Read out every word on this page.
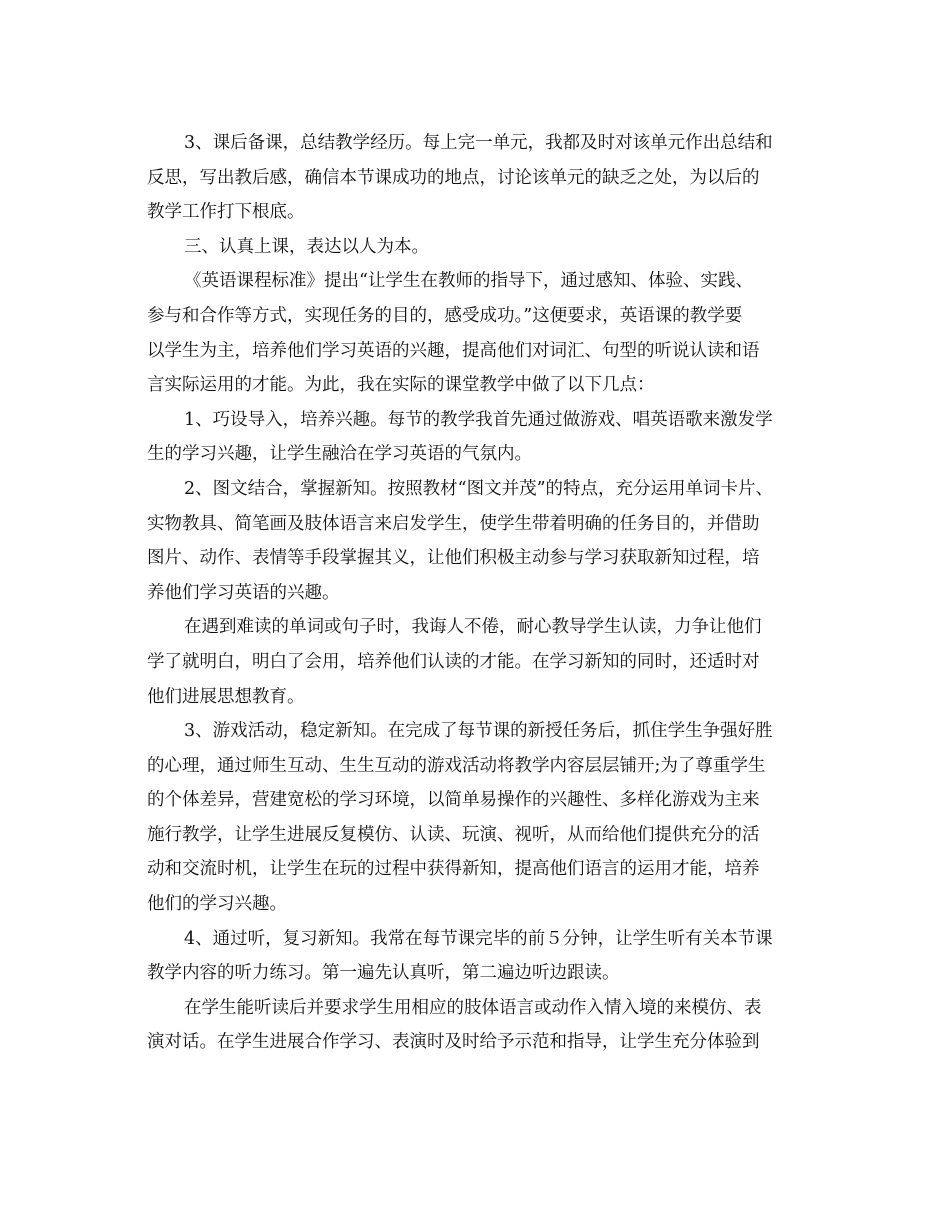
3、课后备课，总结教学经历。每上完一单元，我都及时对该单元作出总结和
反思，写出教后感，确信本节课成功的地点，讨论该单元的缺乏之处，为以后的
教学工作打下根底。
三、认真上课，表达以人为本。
《英语课程标准》提出“让学生在教师的指导下，通过感知、体验、实践、
参与和合作等方式，实现任务的目的，感受成功。”这便要求，英语课的教学要
以学生为主，培养他们学习英语的兴趣，提高他们对词汇、句型的听说认读和语
言实际运用的才能。为此，我在实际的课堂教学中做了以下几点：
1、巧设导入，培养兴趣。每节的教学我首先通过做游戏、唱英语歌来激发学
生的学习兴趣，让学生融洽在学习英语的气氛内。
2、图文结合，掌握新知。按照教材“图文并茂”的特点，充分运用单词卡片、
实物教具、简笔画及肢体语言来启发学生，使学生带着明确的任务目的，并借助
图片、动作、表情等手段掌握其义，让他们积极主动参与学习获取新知过程，培
养他们学习英语的兴趣。
在遇到难读的单词或句子时，我诲人不倦，耐心教导学生认读，力争让他们
学了就明白，明白了会用，培养他们认读的才能。在学习新知的同时，还适时对
他们进展思想教育。
3、游戏活动，稳定新知。在完成了每节课的新授任务后，抓住学生争强好胜
的心理，通过师生互动、生生互动的游戏活动将教学内容层层铺开;为了尊重学生
的个体差异，营建宽松的学习环境，以简单易操作的兴趣性、多样化游戏为主来
施行教学，让学生进展反复模仿、认读、玩演、视听，从而给他们提供充分的活
动和交流时机，让学生在玩的过程中获得新知，提高他们语言的运用才能，培养
他们的学习兴趣。
4、通过听，复习新知。我常在每节课完毕的前５分钟，让学生听有关本节课
教学内容的听力练习。第一遍先认真听，第二遍边听边跟读。
在学生能听读后并要求学生用相应的肢体语言或动作入情入境的来模仿、表
演对话。在学生进展合作学习、表演时及时给予示范和指导，让学生充分体验到
